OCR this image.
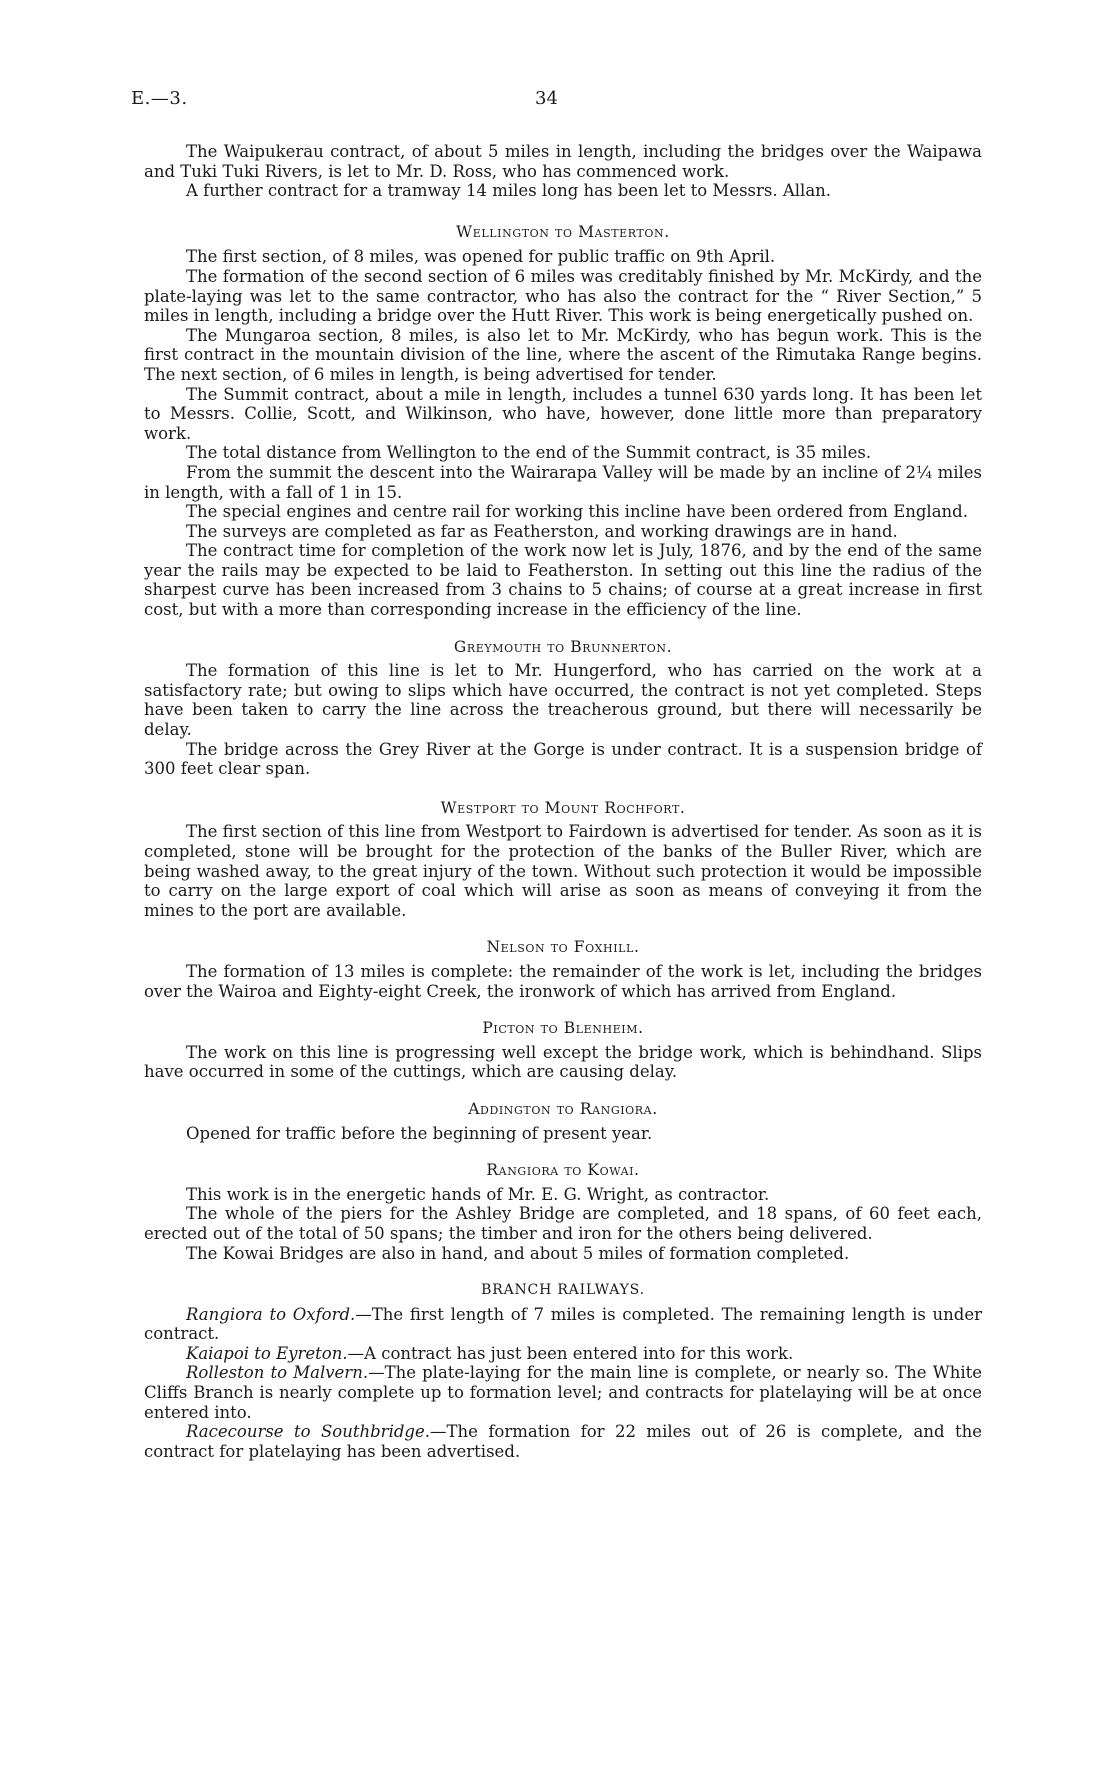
E.—3.	34

The Waipukerau contract, of about 5 miles in length, including the bridges over the Waipawa and Tuki Tuki Rivers, is let to Mr. D. Ross, who has commenced work.

A further contract for a tramway 14 miles long has been let to Messrs. Allan.

Wellington to Masterton.

The first section, of 8 miles, was opened for public traffic on 9th April.

The formation of the second section of 6 miles was creditably finished by Mr. McKirdy, and the plate-laying was let to the same contractor, who has also the contract for the “ River Section,” 5 miles in length, including a bridge over the Hutt River. This work is being energetically pushed on.

The Mungaroa section, 8 miles, is also let to Mr. McKirdy, who has begun work. This is the first contract in the mountain division of the line, where the ascent of the Rimutaka Range begins. The next section, of 6 miles in length, is being advertised for tender.

The Summit contract, about a mile in length, includes a tunnel 630 yards long. It has been let to Messrs. Collie, Scott, and Wilkinson, who have, however, done little more than preparatory work.

The total distance from Wellington to the end of the Summit contract, is 35 miles.

From the summit the descent into the Wairarapa Valley will be made by an incline of 2¼ miles in length, with a fall of 1 in 15.

The special engines and centre rail for working this incline have been ordered from England.

The surveys are completed as far as Featherston, and working drawings are in hand.

The contract time for completion of the work now let is July, 1876, and by the end of the same year the rails may be expected to be laid to Featherston. In setting out this line the radius of the sharpest curve has been increased from 3 chains to 5 chains; of course at a great increase in first cost, but with a more than corresponding increase in the efficiency of the line.

Greymouth to Brunnerton.

The formation of this line is let to Mr. Hungerford, who has carried on the work at a satisfactory rate; but owing to slips which have occurred, the contract is not yet completed. Steps have been taken to carry the line across the treacherous ground, but there will necessarily be delay.

The bridge across the Grey River at the Gorge is under contract. It is a suspension bridge of 300 feet clear span.

Westport to Mount Rochfort.

The first section of this line from Westport to Fairdown is advertised for tender. As soon as it is completed, stone will be brought for the protection of the banks of the Buller River, which are being washed away, to the great injury of the town. Without such protection it would be impossible to carry on the large export of coal which will arise as soon as means of conveying it from the mines to the port are available.

Nelson to Foxhill.

The formation of 13 miles is complete: the remainder of the work is let, including the bridges over the Wairoa and Eighty-eight Creek, the ironwork of which has arrived from England.

Picton to Blenheim.

The work on this line is progressing well except the bridge work, which is behindhand. Slips have occurred in some of the cuttings, which are causing delay.

Addington to Rangiora.

Opened for traffic before the beginning of present year.

Rangiora to Kowai.

This work is in the energetic hands of Mr. E. G. Wright, as contractor.

The whole of the piers for the Ashley Bridge are completed, and 18 spans, of 60 feet each, erected out of the total of 50 spans; the timber and iron for the others being delivered.

The Kowai Bridges are also in hand, and about 5 miles of formation completed.

BRANCH RAILWAYS.

Rangiora to Oxford.—The first length of 7 miles is completed. The remaining length is under contract.

Kaiapoi to Eyreton.—A contract has just been entered into for this work.

Rolleston to Malvern.—The plate-laying for the main line is complete, or nearly so. The White Cliffs Branch is nearly complete up to formation level; and contracts for platelaying will be at once entered into.

Racecourse to Southbridge.—The formation for 22 miles out of 26 is complete, and the contract for platelaying has been advertised.
